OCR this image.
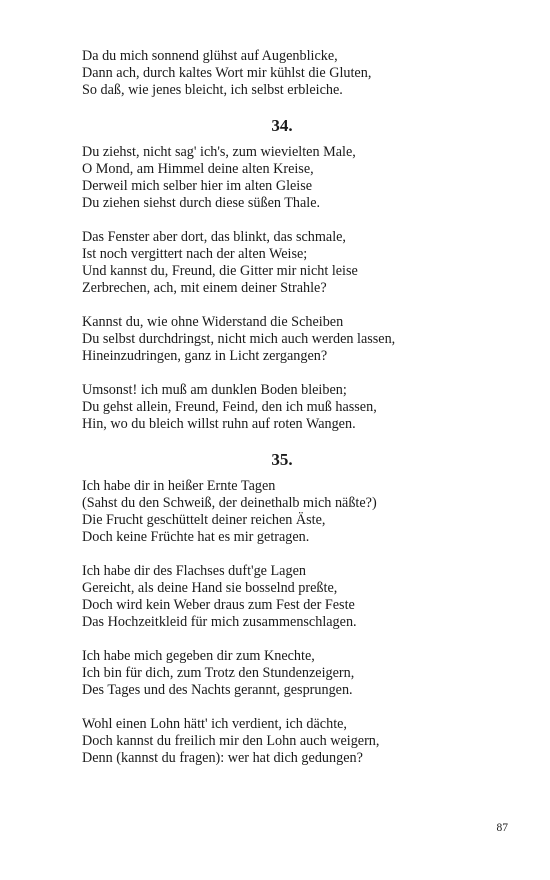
Da du mich sonnend glühst auf Augenblicke,
Dann ach, durch kaltes Wort mir kühlst die Gluten,
So daß, wie jenes bleicht, ich selbst erbleiche.
34.
Du ziehst, nicht sag' ich's, zum wievielten Male,
O Mond, am Himmel deine alten Kreise,
Derweil mich selber hier im alten Gleise
Du ziehen siehst durch diese süßen Thale.
Das Fenster aber dort, das blinkt, das schmale,
Ist noch vergittert nach der alten Weise;
Und kannst du, Freund, die Gitter mir nicht leise
Zerbrechen, ach, mit einem deiner Strahle?
Kannst du, wie ohne Widerstand die Scheiben
Du selbst durchdringst, nicht mich auch werden lassen,
Hineinzudringen, ganz in Licht zergangen?
Umsonst! ich muß am dunklen Boden bleiben;
Du gehst allein, Freund, Feind, den ich muß hassen,
Hin, wo du bleich willst ruhn auf roten Wangen.
35.
Ich habe dir in heißer Ernte Tagen
(Sahst du den Schweiß, der deinethalb mich näßte?)
Die Frucht geschüttelt deiner reichen Äste,
Doch keine Früchte hat es mir getragen.
Ich habe dir des Flachses duft'ge Lagen
Gereicht, als deine Hand sie bosselnd preßte,
Doch wird kein Weber draus zum Fest der Feste
Das Hochzeitkleid für mich zusammenschlagen.
Ich habe mich gegeben dir zum Knechte,
Ich bin für dich, zum Trotz den Stundenzeigern,
Des Tages und des Nachts gerannt, gesprungen.
Wohl einen Lohn hätt' ich verdient, ich dächte,
Doch kannst du freilich mir den Lohn auch weigern,
Denn (kannst du fragen): wer hat dich gedungen?
87
